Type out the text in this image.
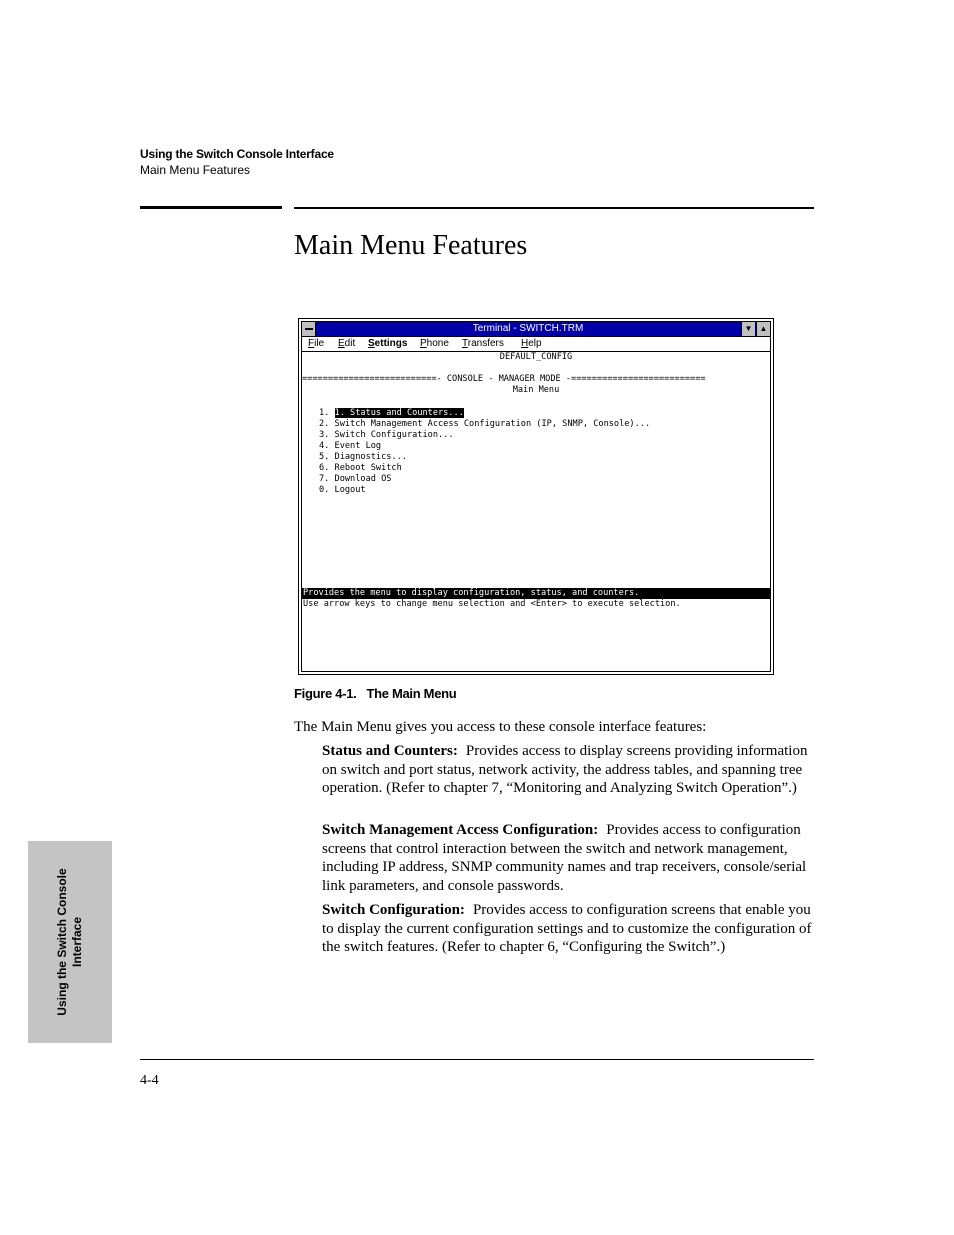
Using the Switch Console Interface
Main Menu Features
Main Menu Features
Terminal - SWITCH.TRM	▼ ▲
File Edit Settings Phone Transfers Help

DEFAULT_CONFIG

==========================- CONSOLE - MANAGER MODE -==========================

Main Menu

1. 1. Status and Counters...

2. Switch Management Access Configuration (IP, SNMP, Console)...

3. Switch Configuration...

4. Event Log

5. Diagnostics...

6. Reboot Switch

7. Download OS

0. Logout

Provides the menu to display configuration, status, and counters.

Use arrow keys to change menu selection and <Enter> to execute selection.

Figure 4-1. The Main Menu
The Main Menu gives you access to these console interface features:

Status and Counters: Provides access to display screens providing information on switch and port status, network activity, the address tables, and spanning tree operation. (Refer to chapter 7, “Monitoring and Analyzing Switch Operation”.)

Switch Management Access Configuration: Provides access to configuration screens that control interaction between the switch and network management, including IP address, SNMP community names and trap receivers, console/serial link parameters, and console passwords.

Switch Configuration: Provides access to configuration screens that enable you to display the current configuration settings and to customize the configuration of the switch features. (Refer to chapter 6, “Configuring the Switch”.)

Using the Switch Console Interface
4-4
